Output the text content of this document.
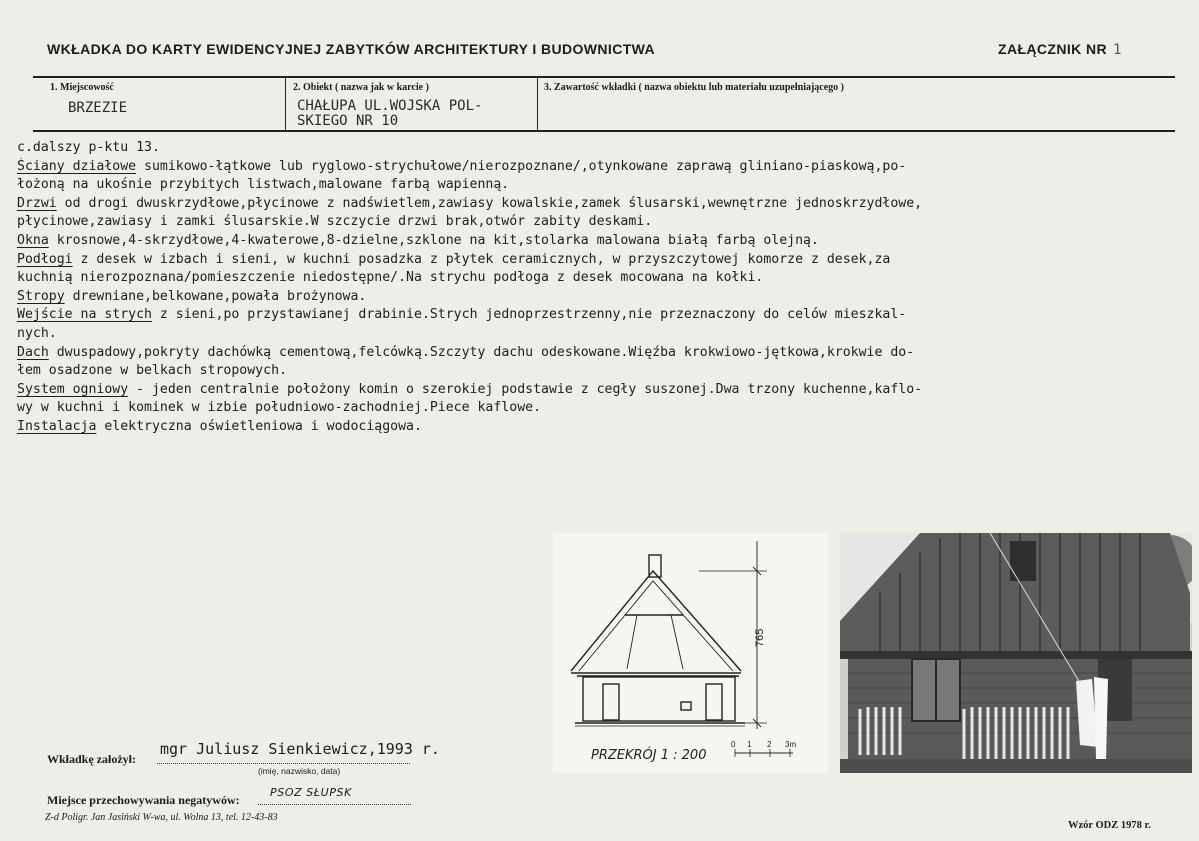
WKŁADKA DO KARTY EWIDENCYJNEJ ZABYTKÓW ARCHITEKTURY I BUDOWNICTWA	ZAŁĄCZNIK NR 1
1. Miejscowość
BRZEZIE
2. Obiekt ( nazwa jak w karcie )
CHAŁUPA UL.WOJSKA POL-
SKIEGO NR 10
3. Zawartość wkładki ( nazwa obiektu lub materiału uzupełniającego )

c.dalszy p-ktu 13.

Ściany działowe sumikowo-łątkowe lub ryglowo-strychułowe/nierozpoznane/,otynkowane zaprawą gliniano-piaskową,po-

łożoną na ukośnie przybitych listwach,malowane farbą wapienną.

Drzwi od drogi dwuskrzydłowe,płycinowe z nadświetlem,zawiasy kowalskie,zamek ślusarski,wewnętrzne jednoskrzydłowe,

płycinowe,zawiasy i zamki ślusarskie.W szczycie drzwi brak,otwór zabity deskami.

Okna krosnowe,4-skrzydłowe,4-kwaterowe,8-dzielne,szklone na kit,stolarka malowana białą farbą olejną.

Podłogi z desek w izbach i sieni, w kuchni posadzka z płytek ceramicznych, w przyszczytowej komorze z desek,za

kuchnią nierozpoznana/pomieszczenie niedostępne/.Na strychu podłoga z desek mocowana na kołki.

Stropy drewniane,belkowane,powała brożynowa.

Wejście na strych z sieni,po przystawianej drabinie.Strych jednoprzestrzenny,nie przeznaczony do celów mieszkal-

nych.

Dach dwuspadowy,pokryty dachówką cementową,felcówką.Szczyty dachu odeskowane.Więźba krokwiowo-jętkowa,krokwie do-

łem osadzone w belkach stropowych.

System ogniowy - jeden centralnie położony komin o szerokiej podstawie z cegły suszonej.Dwa trzony kuchenne,kaflo-

wy w kuchni i kominek w izbie południowo-zachodniej.Piece kaflowe.

Instalacja elektryczna oświetleniowa i wodociągowa.

765
PRZEKRÓJ 1 : 200
0 1 2 3m
Wkładkę założył:
mgr Juliusz Sienkiewicz,1993 r.
(imię, nazwisko, data)
Miejsce przechowywania negatywów:
PSOZ SŁUPSK
Z-d Poligr. Jan Jasiński W-wa, ul. Wolna 13, tel. 12-43-83
Wzór ODZ 1978 r.
